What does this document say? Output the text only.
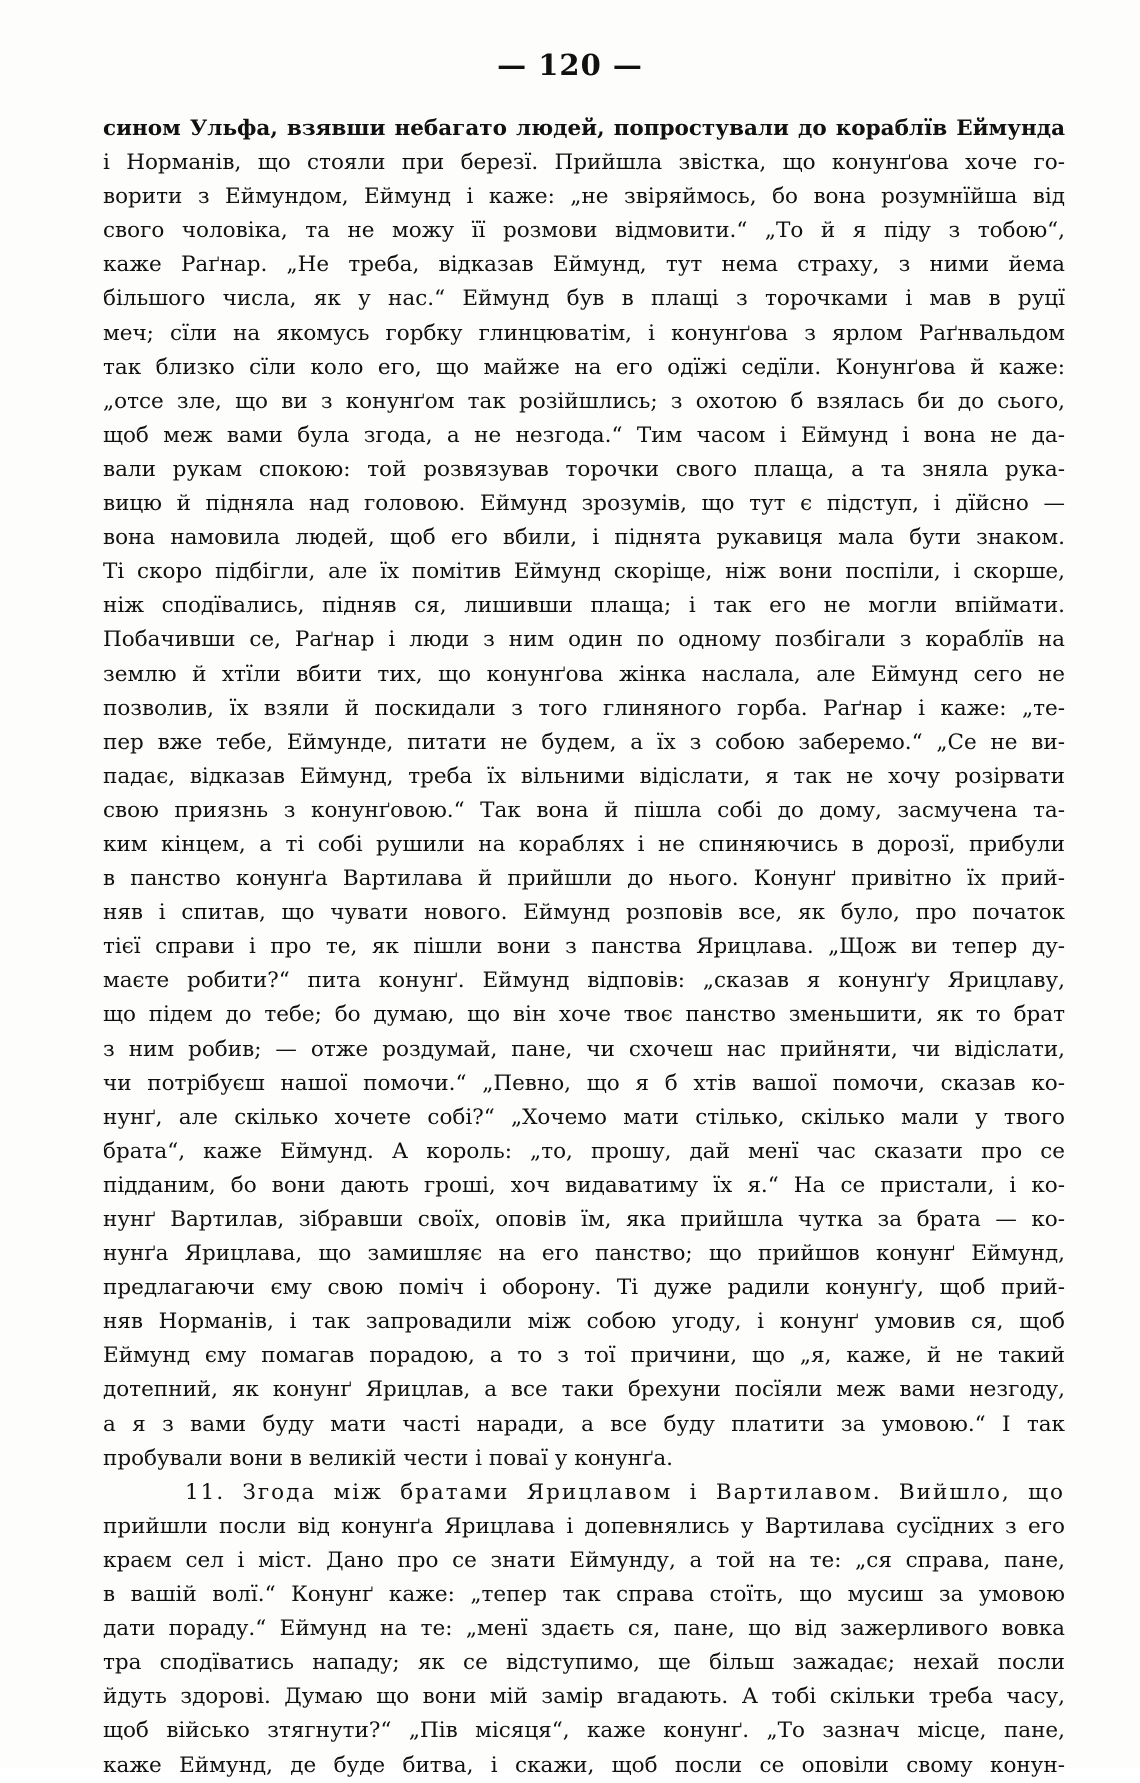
— 120 —
сином Ульфа, взявши небагато людей, попростували до кораблїв Еймунда
і Норманів, що стояли при березї. Прийшла звістка, що конунґова хоче го-
ворити з Еймундом, Еймунд і каже: „не звіряймось, бо вона розумнїйша від
свого чоловіка, та не можу її розмови відмовити.“ „То й я піду з тобою“,
каже Раґнар. „Не треба, відказав Еймунд, тут нема страху, з ними йема
більшого числа, як у нас.“ Еймунд був в плащі з торочками і мав в руцї
меч; сїли на якомусь горбку глинцюватім, і конунґова з ярлом Раґнвальдом
так близко сїли коло его, що майже на его одїжі седїли. Конунґова й каже:
„отсе зле, що ви з конунґом так розійшлись; з охотою б взялась би до сього,
щоб меж вами була згода, а не незгода.“ Тим часом і Еймунд і вона не да-
вали рукам спокою: той розвязував торочки свого плаща, а та зняла рука-
вицю й підняла над головою. Еймунд зрозумів, що тут є підступ, і дїйсно —
вона намовила людей, щоб его вбили, і піднята рукавиця мала бути знаком.
Ті скоро підбігли, але їх помітив Еймунд скоріще, ніж вони поспіли, і скорше,
ніж сподївались, підняв ся, лишивши плаща; і так его не могли впіймати.
Побачивши се, Раґнар і люди з ним один по одному позбігали з кораблїв на
землю й хтїли вбити тих, що конунґова жінка наслала, але Еймунд сего не
позволив, їх взяли й поскидали з того глиняного горба. Раґнар і каже: „те-
пер вже тебе, Еймунде, питати не будем, а їх з собою заберемо.“ „Се не ви-
падає, відказав Еймунд, треба їх вільними відіслати, я так не хочу розірвати
свою приязнь з конунґовою.“ Так вона й пішла собі до дому, засмучена та-
ким кінцем, а ті собі рушили на кораблях і не спиняючись в дорозї, прибули
в панство конунґа Вартилава й прийшли до нього. Конунґ привітно їх прий-
няв і спитав, що чувати нового. Еймунд розповів все, як було, про початок
тієї справи і про те, як пішли вони з панства Ярицлава. „Щож ви тепер ду-
маєте робити?“ пита конунґ. Еймунд відповів: „сказав я конунґу Ярицлаву,
що підем до тебе; бо думаю, що він хоче твоє панство зменьшити, як то брат
з ним робив; — отже роздумай, пане, чи схочеш нас прийняти, чи відіслати,
чи потрібуєш нашої помочи.“ „Певно, що я б хтів вашої помочи, сказав ко-
нунґ, але скілько хочете собі?“ „Хочемо мати стілько, скілько мали у твого
брата“, каже Еймунд. А король: „то, прошу, дай менї час сказати про се
підданим, бо вони дають гроші, хоч видаватиму їх я.“ На се пристали, і ко-
нунґ Вартилав, зібравши своїх, оповів їм, яка прийшла чутка за брата — ко-
нунґа Ярицлава, що замишляє на его панство; що прийшов конунґ Еймунд,
предлагаючи єму свою поміч і оборону. Ті дуже радили конунґу, щоб прий-
няв Норманів, і так запровадили між собою угоду, і конунґ умовив ся, щоб
Еймунд єму помагав порадою, а то з тої причини, що „я, каже, й не такий
дотепний, як конунґ Ярицлав, а все таки брехуни посїяли меж вами незгоду,
а я з вами буду мати часті наради, а все буду платити за умовою.“ І так
пробували вони в великій чести і поваї у конунґа.
11. Згода між братами Ярицлавом і Вартилавом. Вийшло, що
прийшли посли від конунґа Ярицлава і допевнялись у Вартилава сусїдних з его
краєм сел і міст. Дано про се знати Еймунду, а той на те: „ся справа, пане,
в вашій волї.“ Конунґ каже: „тепер так справа стоїть, що мусиш за умовою
дати пораду.“ Еймунд на те: „менї здаєть ся, пане, що від зажерливого вовка
тра сподїватись нападу; як се відступимо, ще більш зажадає; нехай посли
йдуть здорові. Думаю що вони мій замір вгадають. А тобі скільки треба часу,
щоб військо зтягнути?“ „Пів місяця“, каже конунґ. „То зазнач місце, пане,
каже Еймунд, де буде битва, і скажи, щоб посли се оповіли свому конун-
